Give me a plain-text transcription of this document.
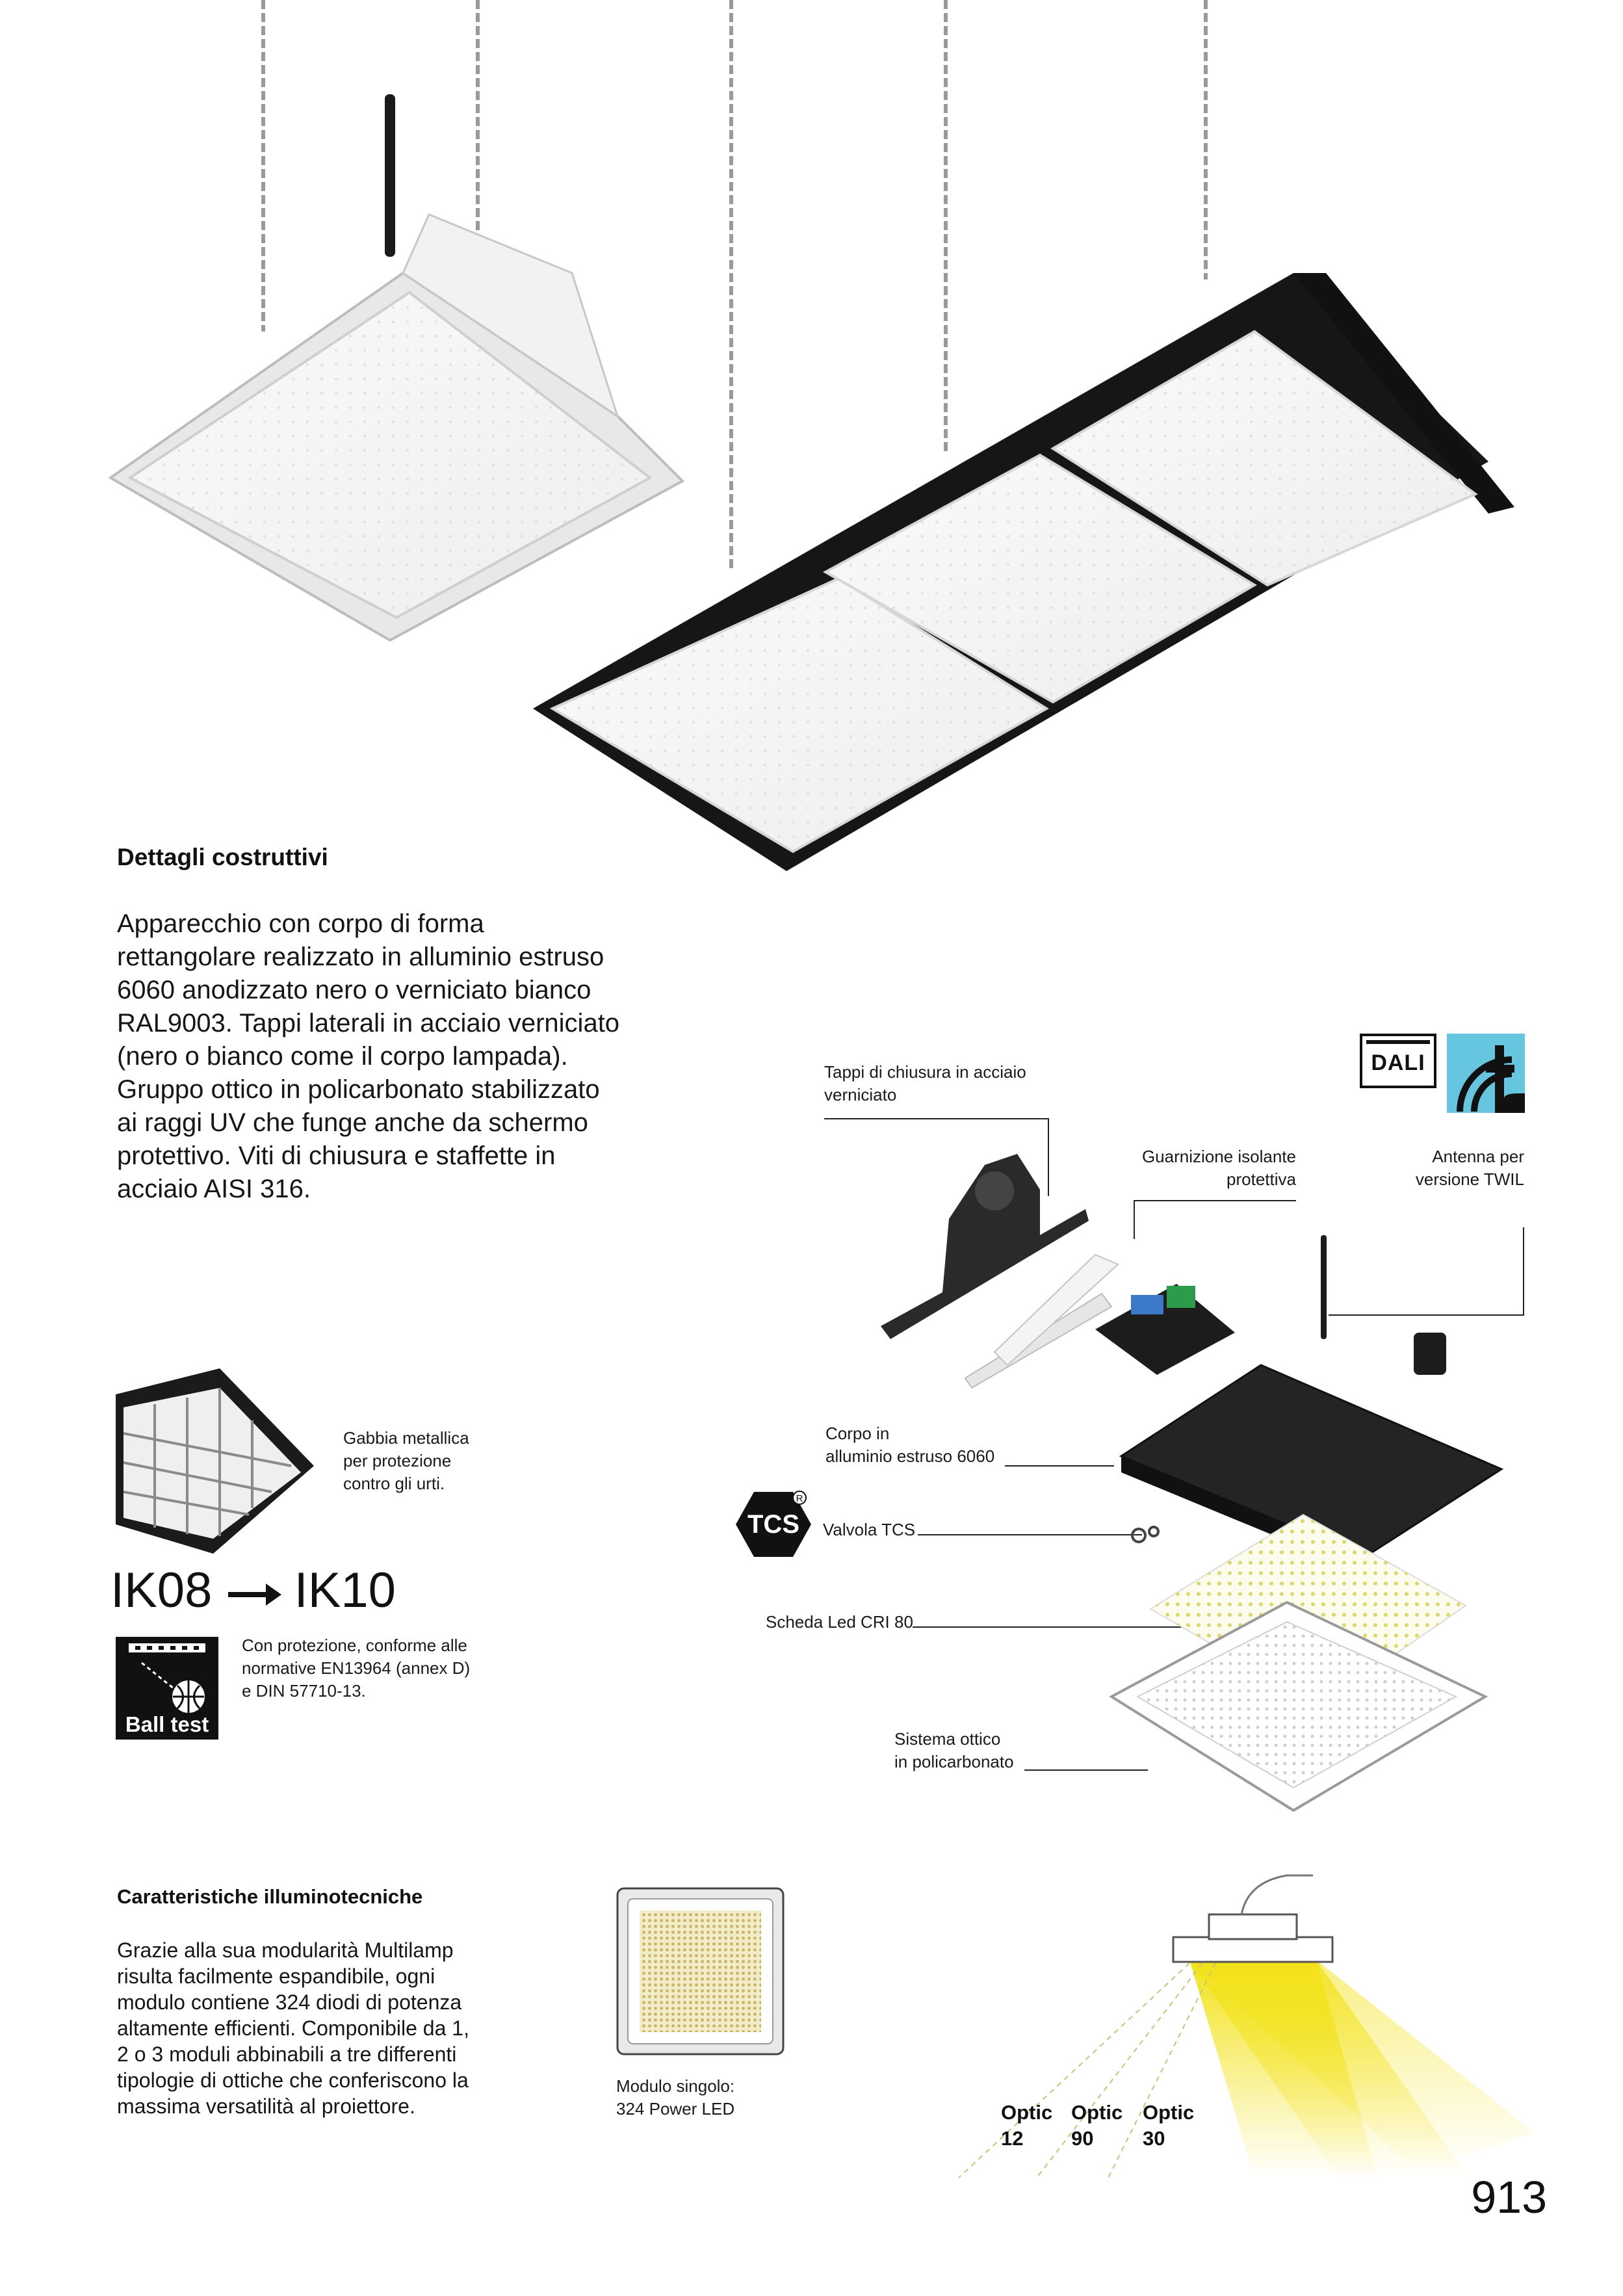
Dettagli costruttivi
Apparecchio con corpo di forma
rettangolare realizzato in alluminio estruso
6060 anodizzato nero o verniciato bianco
RAL9003. Tappi laterali in acciaio verniciato
(nero o bianco come il corpo lampada).
Gruppo ottico in policarbonato stabilizzato
ai raggi UV che funge anche da schermo
protettivo. Viti di chiusura e staffette in
acciaio AISI 316.
DALI
Tappi di chiusura in acciaio
verniciato
Guarnizione isolante
protettiva
Antenna per
versione TWIL
Corpo in
alluminio estruso 6060
TCS
R
Valvola TCS
Scheda Led CRI 80
Sistema ottico
in policarbonato
Gabbia metallica
per protezione
contro gli urti.
IK08 IK10
Ball test
Con protezione, conforme alle
normative EN13964 (annex D)
e DIN 57710-13.
Caratteristiche illuminotecniche
Grazie alla sua modularità Multilamp
risulta facilmente espandibile, ogni
modulo contiene 324 diodi di potenza
altamente efficienti. Componibile da 1,
2 o 3 moduli abbinabili a tre differenti
tipologie di ottiche che conferiscono la
massima versatilità al proiettore.
Modulo singolo:
324 Power LED	Optic
12
Optic
90
Optic
30
913
